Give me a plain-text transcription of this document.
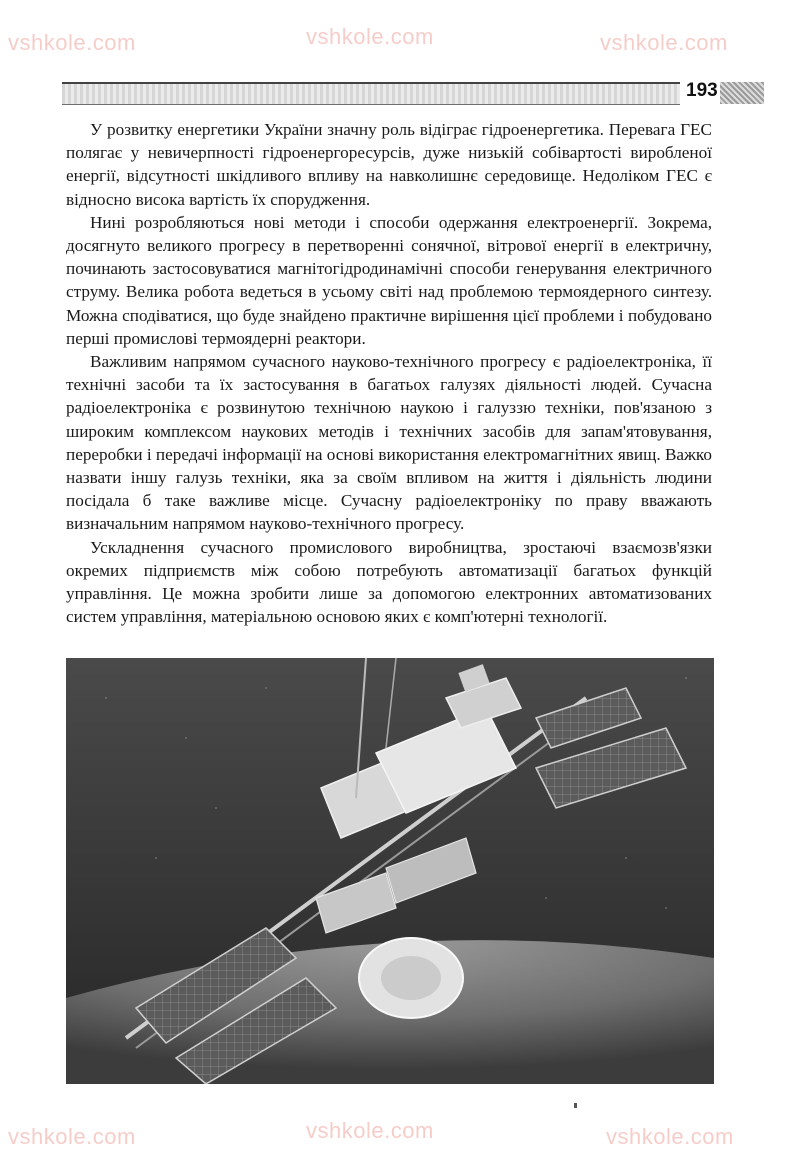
vshkole.com	vshkole.com	vshkole.com
vshkole.com	vshkole.com	vshkole.com
193

У розвитку енергетики України значну роль відіграє гідроенергетика. Перевага ГЕС полягає у невичерпності гідроенергоресурсів, дуже низькій собівартості виробленої енергії, відсутності шкідливого впливу на навколишнє середовище. Недоліком ГЕС є відносно висока вартість їх спорудження.

Нині розробляються нові методи і способи одержання електроенергії. Зокрема, досягнуто великого прогресу в перетворенні сонячної, вітрової енергії в електричну, починають застосовуватися магнітогідродинамічні способи генерування електричного струму. Велика робота ведеться в усьому світі над проблемою термоядерного синтезу. Можна сподіватися, що буде знайдено практичне вирішення цієї проблеми і побудовано перші промислові термоядерні реактори.

Важливим напрямом сучасного науково-технічного прогресу є радіоелектроніка, її технічні засоби та їх застосування в багатьох галузях діяльності людей. Сучасна радіоелектроніка є розвинутою технічною наукою і галуззю техніки, пов'язаною з широким комплексом наукових методів і технічних засобів для запам'ятовування, переробки і передачі інформації на основі використання електромагнітних явищ. Важко назвати іншу галузь техніки, яка за своїм впливом на життя і діяльність людини посідала б таке важливе місце. Сучасну радіоелектроніку по праву вважають визначальним напрямом науково-технічного прогресу.

Ускладнення сучасного промислового виробництва, зростаючі взаємозв'язки окремих підприємств між собою потребують автоматизації багатьох функцій управління. Це можна зробити лише за допомогою електронних автоматизованих систем управління, матеріальною основою яких є комп'ютерні технології.
